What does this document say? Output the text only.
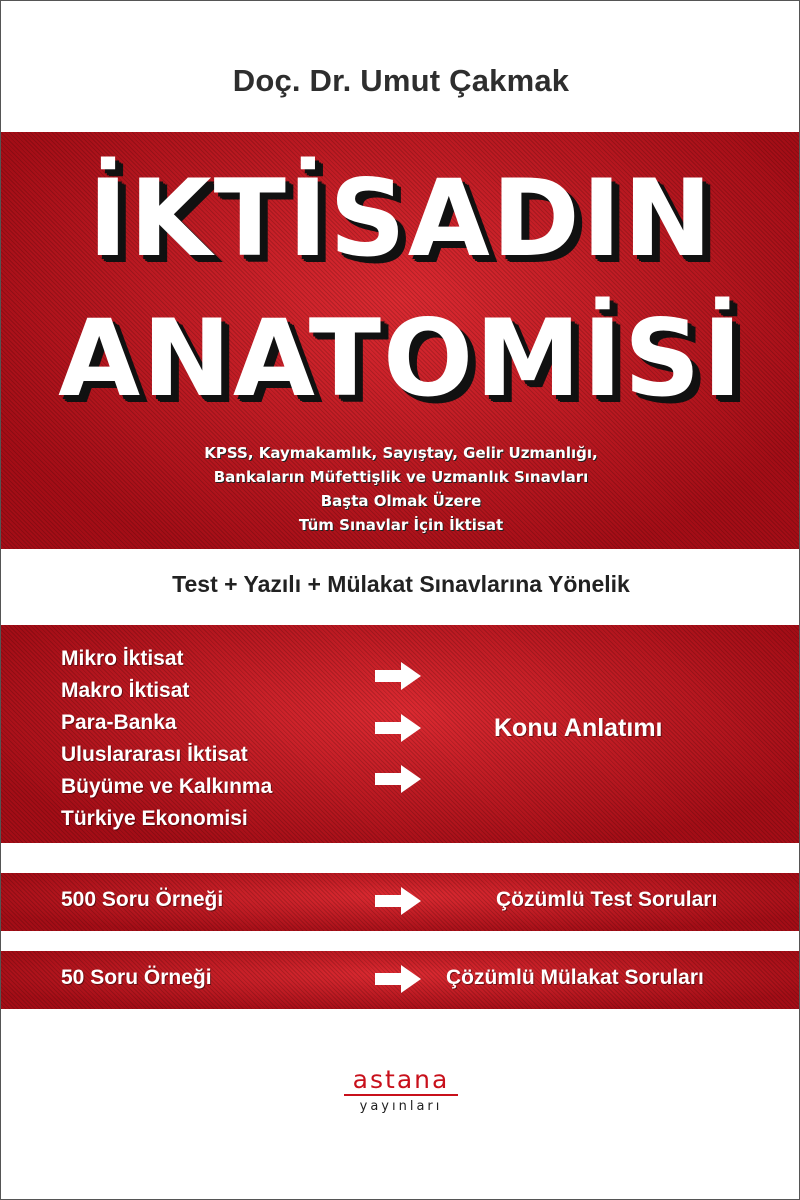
Doç. Dr. Umut Çakmak
İKTİSADIN
ANATOMİSİ
KPSS, Kaymakamlık, Sayıştay, Gelir Uzmanlığı,
Bankaların Müfettişlik ve Uzmanlık Sınavları
Başta Olmak Üzere
Tüm Sınavlar İçin İktisat
Test + Yazılı + Mülakat Sınavlarına Yönelik
Mikro İktisat
Makro İktisat
Para-Banka
Uluslararası İktisat
Büyüme ve Kalkınma
Türkiye Ekonomisi
Konu Anlatımı
500 Soru Örneği	Çözümlü Test Soruları
50 Soru Örneği	Çözümlü Mülakat Soruları
astana
yayınları
